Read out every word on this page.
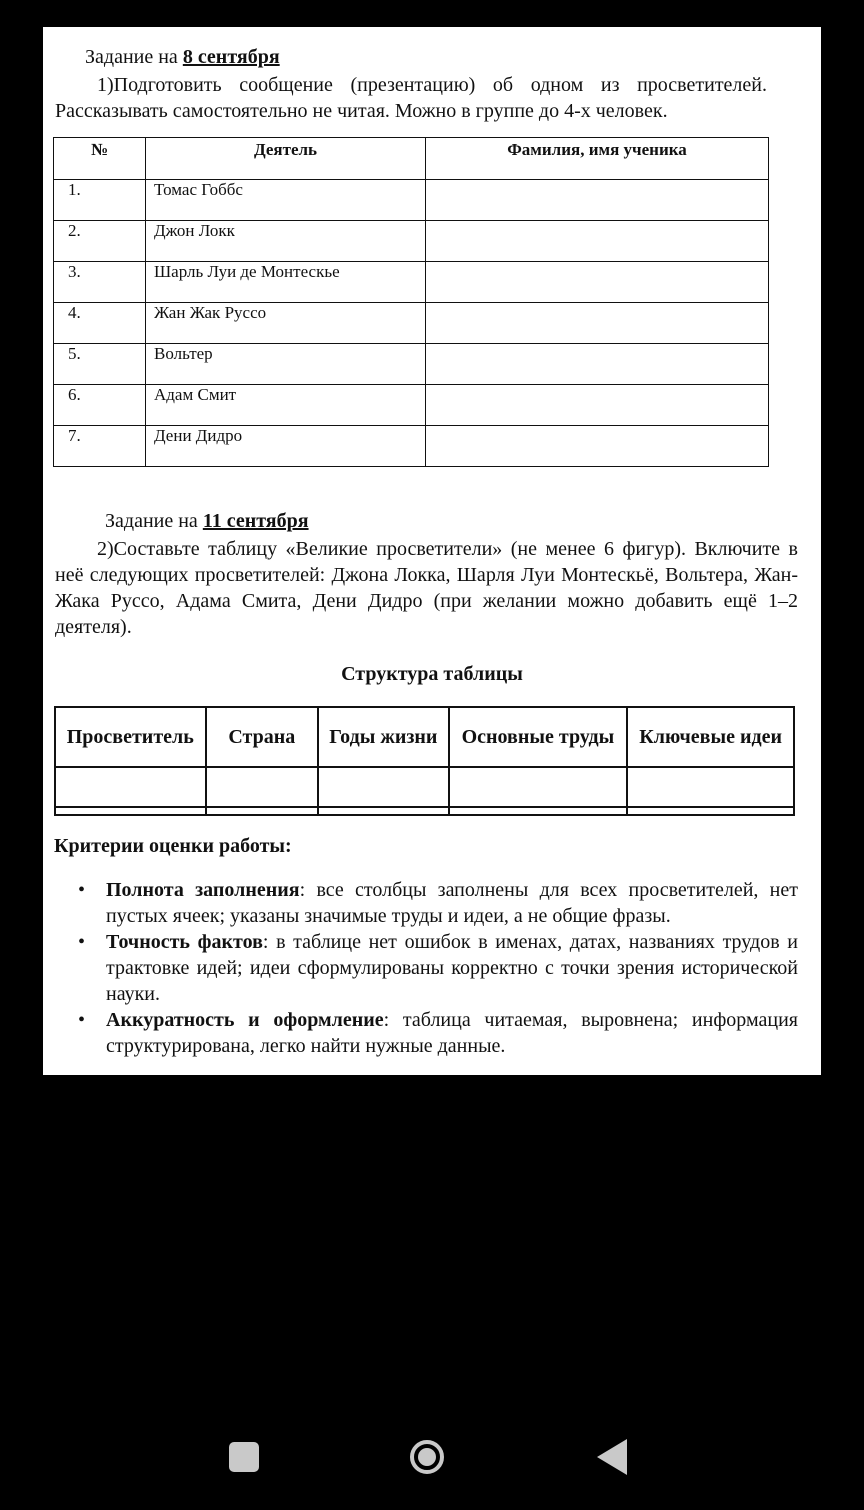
Задание на 8 сентября
1)Подготовить сообщение (презентацию) об одном из просветителей. Рассказывать самостоятельно не читая. Можно в группе до 4-х человек.
№	Деятель	Фамилия, имя ученика
1.	Томас Гоббс	
2.	Джон Локк	
3.	Шарль Луи де Монтескье	
4.	Жан Жак Руссо	
5.	Вольтер	
6.	Адам Смит	
7.	Дени Дидро	
Задание на 11 сентября
2)Составьте таблицу «Великие просветители» (не менее 6 фигур). Включите в неё следующих просветителей: Джона Локка, Шарля Луи Монтескьё, Вольтера, Жан-Жака Руссо, Адама Смита, Дени Дидро (при желании можно добавить ещё 1–2 деятеля).
Структура таблицы
Просветитель	Страна	Годы жизни	Основные труды	Ключевые идеи

Критерии оценки работы:
• Полнота заполнения: все столбцы заполнены для всех просветителей, нет пустых ячеек; указаны значимые труды и идеи, а не общие фразы.
• Точность фактов: в таблице нет ошибок в именах, датах, названиях трудов и трактовке идей; идеи сформулированы корректно с точки зрения исторической науки.
• Аккуратность и оформление: таблица читаемая, выровнена; информация структурирована, легко найти нужные данные.
